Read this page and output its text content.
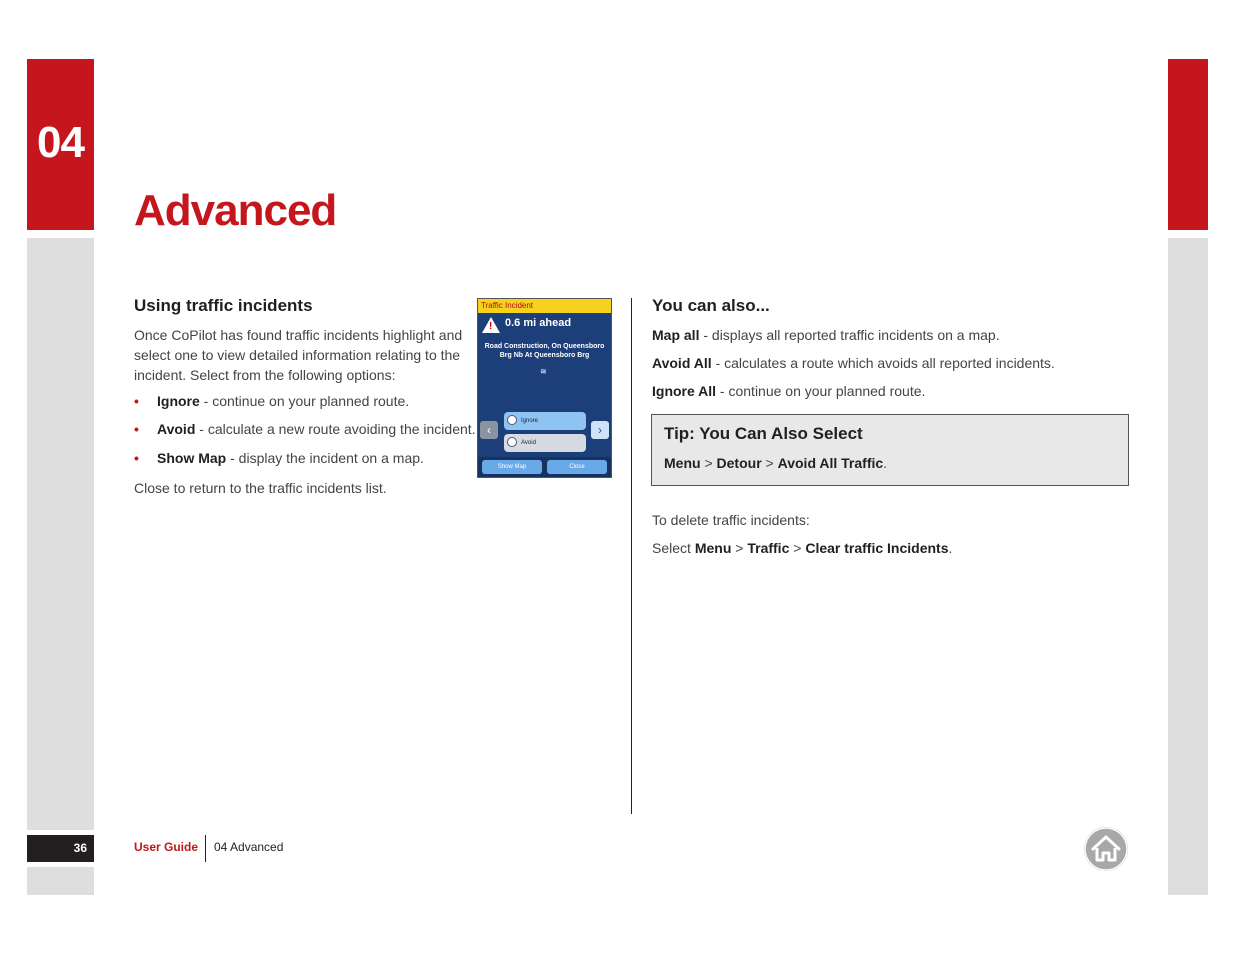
04
36
Advanced
Using traffic incidents
Once CoPilot has found traffic incidents highlight and select one to view detailed information relating to the incident. Select from the following options:
• Ignore - continue on your planned route.
• Avoid - calculate a new route avoiding the incident.
• Show Map - display the incident on a map.
Close to return to the traffic incidents list.
Traffic Incident
! 0.6 mi ahead
Road Construction, On Queensboro Brg Nb At Queensboro Brg
≋
‹
Ignore
Avoid
›
Show Map	Close
You can also...
Map all - displays all reported traffic incidents on a map.
Avoid All - calculates a route which avoids all reported incidents.
Ignore All - continue on your planned route.
Tip: You Can Also Select
Menu > Detour > Avoid All Traffic.
To delete traffic incidents:
Select Menu > Traffic > Clear traffic Incidents.
User Guide 04 Advanced
